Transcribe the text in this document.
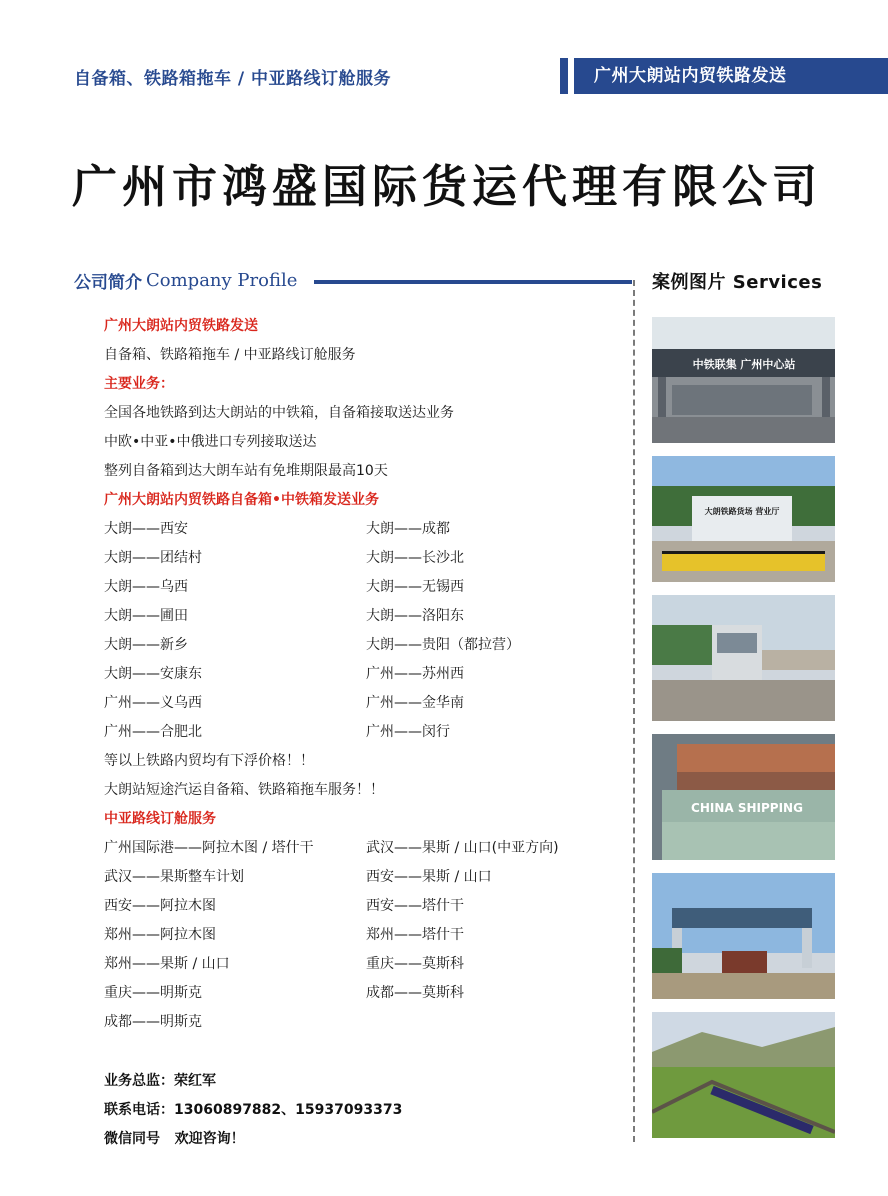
自备箱、铁路箱拖车 / 中亚路线订舱服务	广州大朗站内贸铁路发送
广州市鸿盛国际货运代理有限公司
公司简介 Company Profile	案例图片 Services
广州大朗站内贸铁路发送
自备箱、铁路箱拖车 / 中亚路线订舱服务
主要业务：
全国各地铁路到达大朗站的中铁箱，自备箱接取送达业务
中欧•中亚•中俄进口专列接取送达
整列自备箱到达大朗车站有免堆期限最高10天
广州大朗站内贸铁路自备箱•中铁箱发送业务
大朗——西安	大朗——成都
大朗——团结村	大朗——长沙北
大朗——乌西	大朗——无锡西
大朗——圃田	大朗——洛阳东
大朗——新乡	大朗——贵阳（都拉营）
大朗——安康东	广州——苏州西
广州——义乌西	广州——金华南
广州——合肥北	广州——闵行
等以上铁路内贸均有下浮价格！！
大朗站短途汽运自备箱、铁路箱拖车服务！！
中亚路线订舱服务
广州国际港——阿拉木图 / 塔什干	武汉——果斯 / 山口(中亚方向)
武汉——果斯整车计划	西安——果斯 / 山口
西安——阿拉木图	西安——塔什干
郑州——阿拉木图	郑州——塔什干
郑州——果斯 / 山口	重庆——莫斯科
重庆——明斯克	成都——莫斯科
成都——明斯克
业务总监：荣红军
联系电话：13060897882、15937093373
微信同号 欢迎咨询！
中铁联集 广州中心站
大朗铁路货场 营业厅
CHINA SHIPPING
